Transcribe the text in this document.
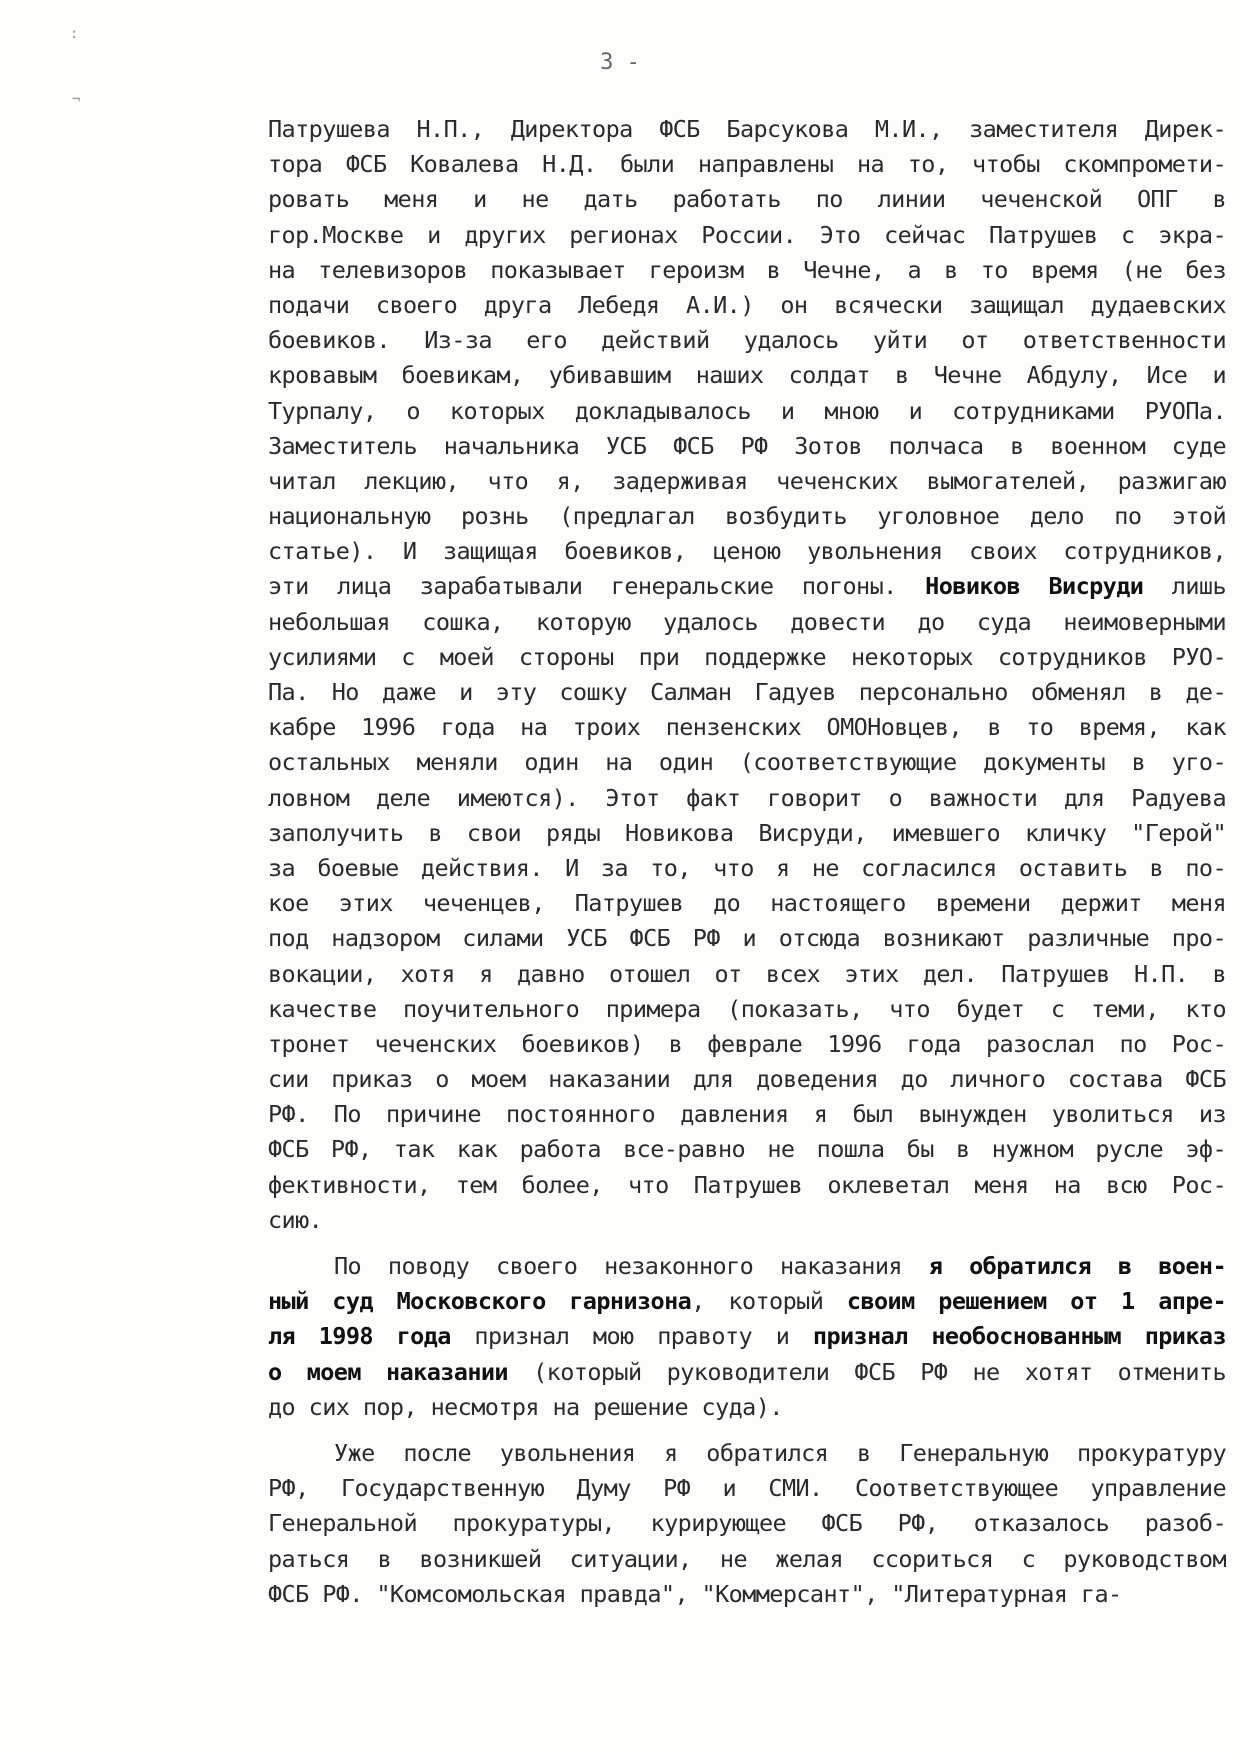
3 -
:
¬
Патрушева Н.П., Директора ФСБ Барсукова М.И., заместителя Дирек-
тора ФСБ Ковалева Н.Д. были направлены на то, чтобы скомпромети-
ровать меня и не дать работать по линии чеченской ОПГ в
гор.Москве и других регионах России. Это сейчас Патрушев с экра-
на телевизоров показывает героизм в Чечне, а в то время (не без
подачи своего друга Лебедя А.И.) он всячески защищал дудаевских
боевиков. Из-за его действий удалось уйти от ответственности
кровавым боевикам, убивавшим наших солдат в Чечне Абдулу, Исе и
Турпалу, о которых докладывалось и мною и сотрудниками РУОПа.
Заместитель начальника УСБ ФСБ РФ Зотов полчаса в военном суде
читал лекцию, что я, задерживая чеченских вымогателей, разжигаю
национальную рознь (предлагал возбудить уголовное дело по этой
статье). И защищая боевиков, ценою увольнения своих сотрудников,
эти лица зарабатывали генеральские погоны. Новиков Висруди лишь
небольшая сошка, которую удалось довести до суда неимоверными
усилиями с моей стороны при поддержке некоторых сотрудников РУО-
Па. Но даже и эту сошку Салман Гадуев персонально обменял в де-
кабре 1996 года на троих пензенских ОМОНовцев, в то время, как
остальных меняли один на один (соответствующие документы в уго-
ловном деле имеются). Этот факт говорит о важности для Радуева
заполучить в свои ряды Новикова Висруди, имевшего кличку "Герой"
за боевые действия. И за то, что я не согласился оставить в по-
кое этих чеченцев, Патрушев до настоящего времени держит меня
под надзором силами УСБ ФСБ РФ и отсюда возникают различные про-
вокации, хотя я давно отошел от всех этих дел. Патрушев Н.П. в
качестве поучительного примера (показать, что будет с теми, кто
тронет чеченских боевиков) в феврале 1996 года разослал по Рос-
сии приказ о моем наказании для доведения до личного состава ФСБ
РФ. По причине постоянного давления я был вынужден уволиться из
ФСБ РФ, так как работа все-равно не пошла бы в нужном русле эф-
фективности, тем более, что Патрушев оклеветал меня на всю Рос-
сию.
По поводу своего незаконного наказания я обратился в воен-
ный суд Московского гарнизона, который своим решением от 1 апре-
ля 1998 года признал мою правоту и признал необоснованным приказ
о моем наказании (который руководители ФСБ РФ не хотят отменить
до сих пор, несмотря на решение суда).
Уже после увольнения я обратился в Генеральную прокуратуру
РФ, Государственную Думу РФ и СМИ. Соответствующее управление
Генеральной прокуратуры, курирующее ФСБ РФ, отказалось разоб-
раться в возникшей ситуации, не желая ссориться с руководством
ФСБ РФ. "Комсомольская правда", "Коммерсант", "Литературная га-
